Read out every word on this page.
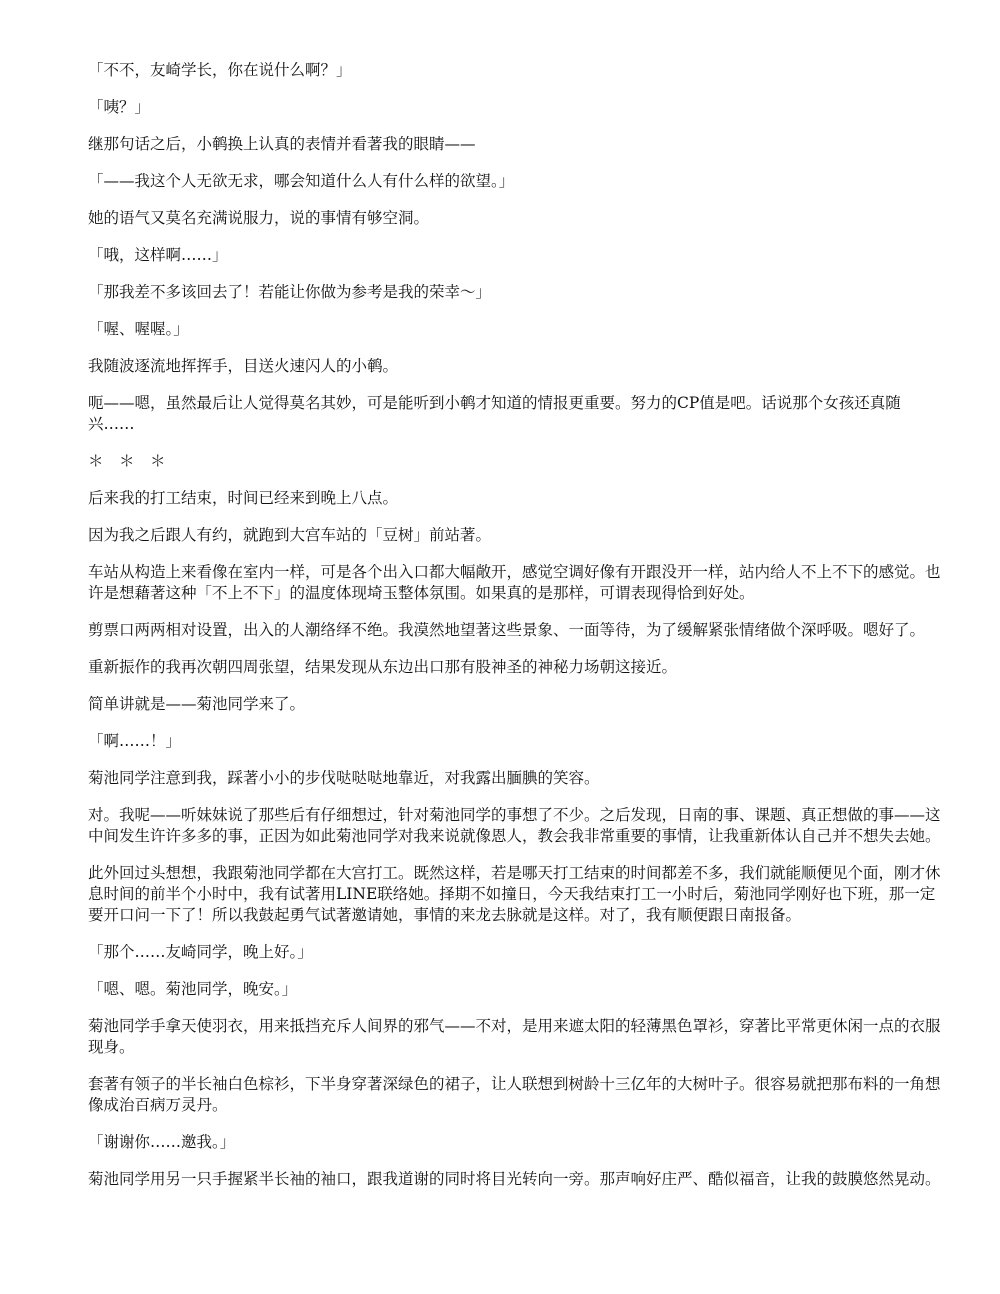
「不不，友崎学长，你在说什么啊？」

「咦？」

继那句话之后，小鹌换上认真的表情并看著我的眼睛——

「——我这个人无欲无求，哪会知道什么人有什么样的欲望。」

她的语气又莫名充满说服力，说的事情有够空洞。

「哦，这样啊……」

「那我差不多该回去了！若能让你做为参考是我的荣幸～」

「喔、喔喔。」

我随波逐流地挥挥手，目送火速闪人的小鹌。

呃——嗯，虽然最后让人觉得莫名其妙，可是能听到小鹌才知道的情报更重要。努力的CP值是吧。话说那个女孩还真随兴……

＊　＊　＊

后来我的打工结束，时间已经来到晚上八点。

因为我之后跟人有约，就跑到大宫车站的「豆树」前站著。

车站从构造上来看像在室内一样，可是各个出入口都大幅敞开，感觉空调好像有开跟没开一样，站内给人不上不下的感觉。也许是想藉著这种「不上不下」的温度体现埼玉整体氛围。如果真的是那样，可谓表现得恰到好处。

剪票口两两相对设置，出入的人潮络绎不绝。我漠然地望著这些景象、一面等待，为了缓解紧张情绪做个深呼吸。嗯好了。

重新振作的我再次朝四周张望，结果发现从东边出口那有股神圣的神秘力场朝这接近。

简单讲就是——菊池同学来了。

「啊……！」

菊池同学注意到我，踩著小小的步伐哒哒哒地靠近，对我露出腼腆的笑容。

对。我呢——听妹妹说了那些后有仔细想过，针对菊池同学的事想了不少。之后发现，日南的事、课题、真正想做的事——这中间发生许许多多的事，正因为如此菊池同学对我来说就像恩人，教会我非常重要的事情，让我重新体认自己并不想失去她。

此外回过头想想，我跟菊池同学都在大宫打工。既然这样，若是哪天打工结束的时间都差不多，我们就能顺便见个面，刚才休息时间的前半个小时中，我有试著用LINE联络她。择期不如撞日，今天我结束打工一小时后，菊池同学刚好也下班，那一定要开口问一下了！所以我鼓起勇气试著邀请她，事情的来龙去脉就是这样。对了，我有顺便跟日南报备。

「那个……友崎同学，晚上好。」

「嗯、嗯。菊池同学，晚安。」

菊池同学手拿天使羽衣，用来抵挡充斥人间界的邪气——不对，是用来遮太阳的轻薄黑色罩衫，穿著比平常更休闲一点的衣服现身。

套著有领子的半长袖白色棕衫，下半身穿著深绿色的裙子，让人联想到树龄十三亿年的大树叶子。很容易就把那布料的一角想像成治百病万灵丹。

「谢谢你……邀我。」

菊池同学用另一只手握紧半长袖的袖口，跟我道谢的同时将目光转向一旁。那声响好庄严、酷似福音，让我的鼓膜悠然晃动。
